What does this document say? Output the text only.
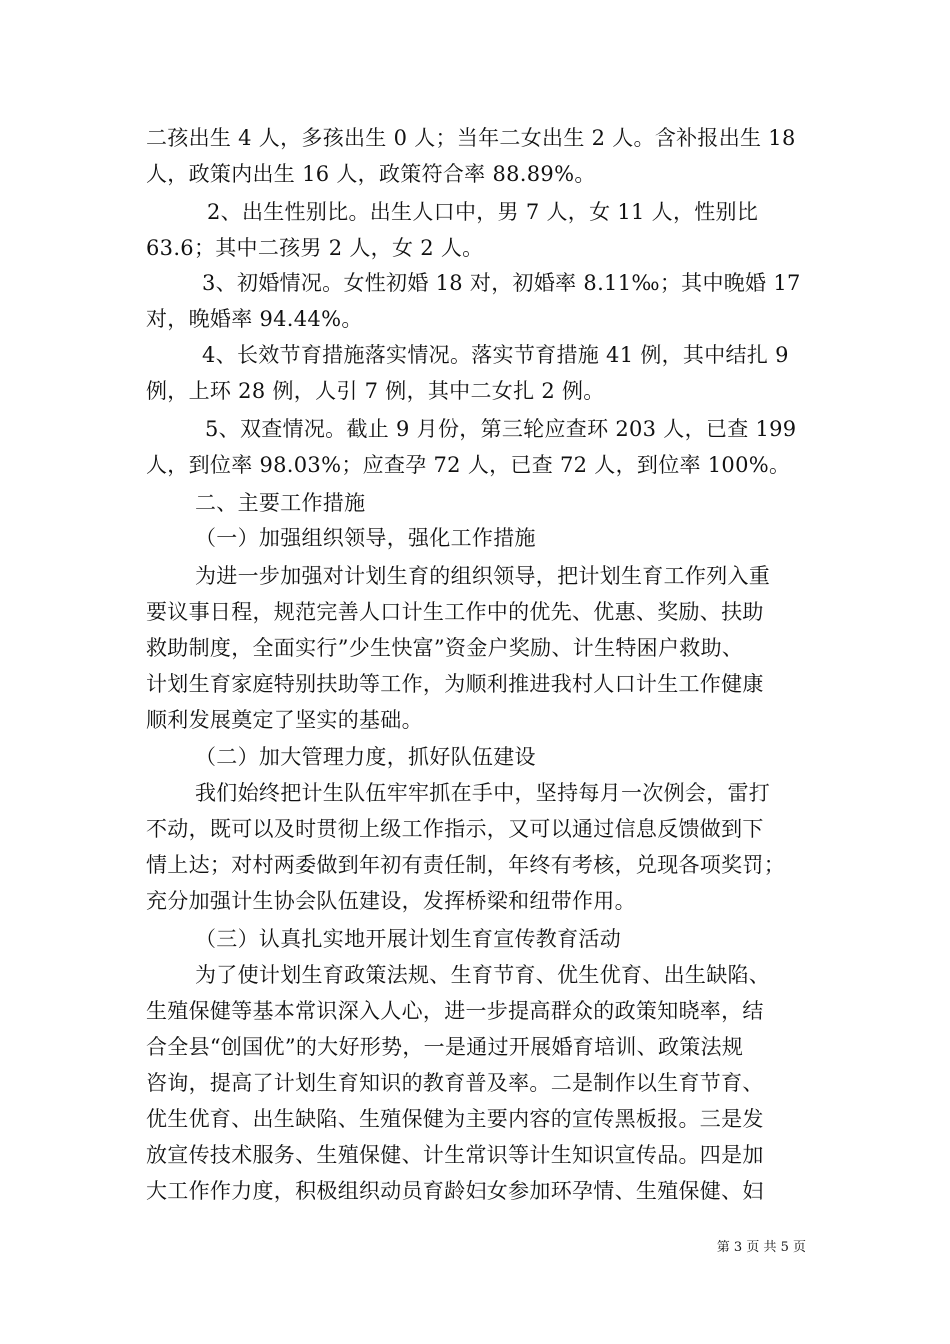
二孩出生 4 人，多孩出生 0 人；当年二女出生 2 人。含补报出生 18
人，政策内出生 16 人，政策符合率 88.89%。
2、出生性别比。出生人口中，男 7 人，女 11 人，性别比
63.6；其中二孩男 2 人，女 2 人。
3、初婚情况。女性初婚 18 对，初婚率 8.11‰；其中晚婚 17
对，晚婚率 94.44%。
4、长效节育措施落实情况。落实节育措施 41 例，其中结扎 9
例，上环 28 例，人引 7 例，其中二女扎 2 例。
5、双查情况。截止 9 月份，第三轮应查环 203 人，已查 199
人，到位率 98.03%；应查孕 72 人，已查 72 人，到位率 100%。
二、主要工作措施
（一）加强组织领导，强化工作措施
为进一步加强对计划生育的组织领导，把计划生育工作列入重
要议事日程，规范完善人口计生工作中的优先、优惠、奖励、扶助
救助制度，全面实行”少生快富”资金户奖励、计生特困户救助、
计划生育家庭特别扶助等工作，为顺利推进我村人口计生工作健康
顺利发展奠定了坚实的基础。
（二）加大管理力度，抓好队伍建设
我们始终把计生队伍牢牢抓在手中，坚持每月一次例会，雷打
不动，既可以及时贯彻上级工作指示，又可以通过信息反馈做到下
情上达；对村两委做到年初有责任制，年终有考核，兑现各项奖罚；
充分加强计生协会队伍建设，发挥桥梁和纽带作用。
（三）认真扎实地开展计划生育宣传教育活动
为了使计划生育政策法规、生育节育、优生优育、出生缺陷、
生殖保健等基本常识深入人心，进一步提高群众的政策知晓率，结
合全县“创国优”的大好形势，一是通过开展婚育培训、政策法规
咨询，提高了计划生育知识的教育普及率。二是制作以生育节育、
优生优育、出生缺陷、生殖保健为主要内容的宣传黑板报。三是发
放宣传技术服务、生殖保健、计生常识等计生知识宣传品。四是加
大工作作力度，积极组织动员育龄妇女参加环孕情、生殖保健、妇
第 3 页 共 5 页
